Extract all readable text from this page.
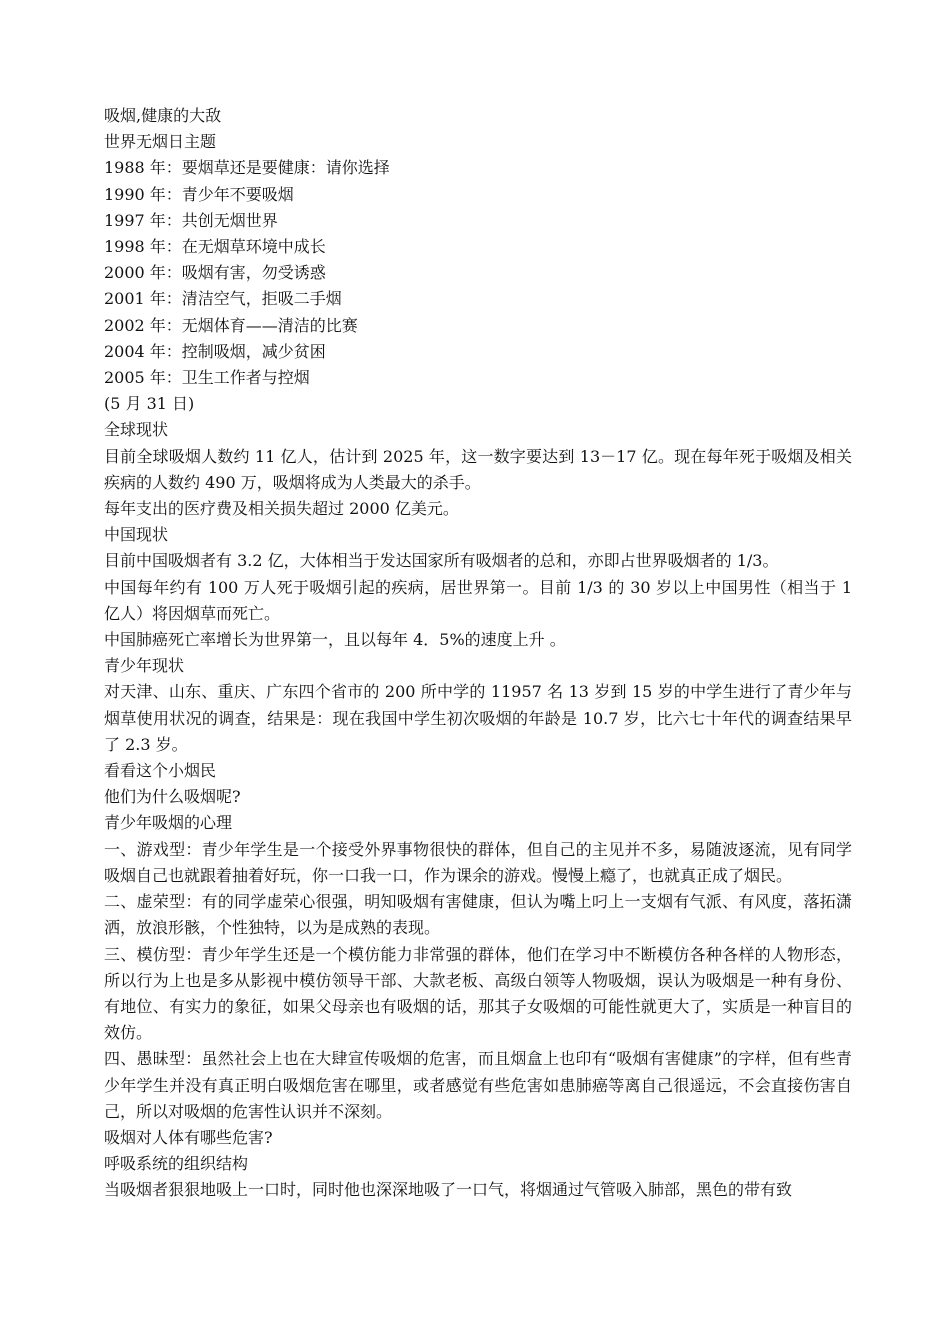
吸烟,健康的大敌
世界无烟日主题
1988 年：要烟草还是要健康：请你选择
1990 年：青少年不要吸烟
1997 年：共创无烟世界
1998 年：在无烟草环境中成长
2000 年：吸烟有害，勿受诱惑
2001 年：清洁空气，拒吸二手烟
2002 年：无烟体育——清洁的比赛
2004 年：控制吸烟，减少贫困
2005 年：卫生工作者与控烟
(5 月 31 日)
全球现状
目前全球吸烟人数约 11 亿人，估计到 2025 年，这一数字要达到 13－17 亿。现在每年死于吸烟及相关疾病的人数约 490 万，吸烟将成为人类最大的杀手。
每年支出的医疗费及相关损失超过 2000 亿美元。
中国现状
目前中国吸烟者有 3.2 亿，大体相当于发达国家所有吸烟者的总和，亦即占世界吸烟者的 1/3。
中国每年约有 100 万人死于吸烟引起的疾病，居世界第一。目前 1/3 的 30 岁以上中国男性（相当于 1 亿人）将因烟草而死亡。
中国肺癌死亡率增长为世界第一，且以每年 4．5%的速度上升 。
青少年现状
对天津、山东、重庆、广东四个省市的 200 所中学的 11957 名 13 岁到 15 岁的中学生进行了青少年与烟草使用状况的调查，结果是：现在我国中学生初次吸烟的年龄是 10.7 岁，比六七十年代的调查结果早了 2.3 岁。
看看这个小烟民
他们为什么吸烟呢?
青少年吸烟的心理
一、游戏型：青少年学生是一个接受外界事物很快的群体，但自己的主见并不多，易随波逐流，见有同学吸烟自己也就跟着抽着好玩，你一口我一口，作为课余的游戏。慢慢上瘾了，也就真正成了烟民。
二、虚荣型：有的同学虚荣心很强，明知吸烟有害健康，但认为嘴上叼上一支烟有气派、有风度，落拓潇洒，放浪形骸，个性独特，以为是成熟的表现。
三、模仿型：青少年学生还是一个模仿能力非常强的群体，他们在学习中不断模仿各种各样的人物形态，所以行为上也是多从影视中模仿领导干部、大款老板、高级白领等人物吸烟，误认为吸烟是一种有身份、有地位、有实力的象征，如果父母亲也有吸烟的话，那其子女吸烟的可能性就更大了，实质是一种盲目的效仿。
四、愚昧型：虽然社会上也在大肆宣传吸烟的危害，而且烟盒上也印有“吸烟有害健康”的字样，但有些青少年学生并没有真正明白吸烟危害在哪里，或者感觉有些危害如患肺癌等离自己很遥远，不会直接伤害自己，所以对吸烟的危害性认识并不深刻。
吸烟对人体有哪些危害?
呼吸系统的组织结构
当吸烟者狠狠地吸上一口时，同时他也深深地吸了一口气，将烟通过气管吸入肺部，黑色的带有致
